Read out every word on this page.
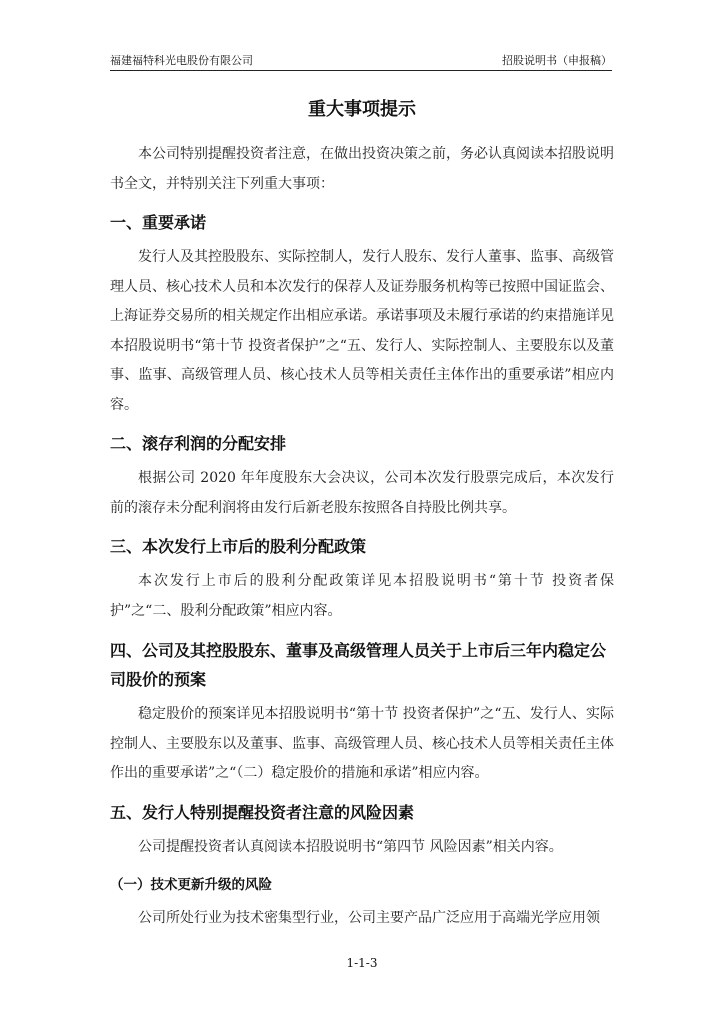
福建福特科光电股份有限公司	招股说明书（申报稿）
重大事项提示

本公司特别提醒投资者注意，在做出投资决策之前，务必认真阅读本招股说明书全文，并特别关注下列重大事项：

一、重要承诺

发行人及其控股股东、实际控制人，发行人股东、发行人董事、监事、高级管理人员、核心技术人员和本次发行的保荐人及证券服务机构等已按照中国证监会、上海证券交易所的相关规定作出相应承诺。承诺事项及未履行承诺的约束措施详见本招股说明书“第十节 投资者保护”之“五、发行人、实际控制人、主要股东以及董事、监事、高级管理人员、核心技术人员等相关责任主体作出的重要承诺”相应内容。

二、滚存利润的分配安排

根据公司 2020 年年度股东大会决议，公司本次发行股票完成后，本次发行前的滚存未分配利润将由发行后新老股东按照各自持股比例共享。

三、本次发行上市后的股利分配政策

本次发行上市后的股利分配政策详见本招股说明书“第十节 投资者保护”之“二、股利分配政策”相应内容。

四、公司及其控股股东、董事及高级管理人员关于上市后三年内稳定公司股价的预案

稳定股价的预案详见本招股说明书“第十节 投资者保护”之“五、发行人、实际控制人、主要股东以及董事、监事、高级管理人员、核心技术人员等相关责任主体作出的重要承诺”之“（二）稳定股价的措施和承诺”相应内容。

五、发行人特别提醒投资者注意的风险因素

公司提醒投资者认真阅读本招股说明书“第四节 风险因素”相关内容。

（一）技术更新升级的风险

公司所处行业为技术密集型行业，公司主要产品广泛应用于高端光学应用领

1-1-3
